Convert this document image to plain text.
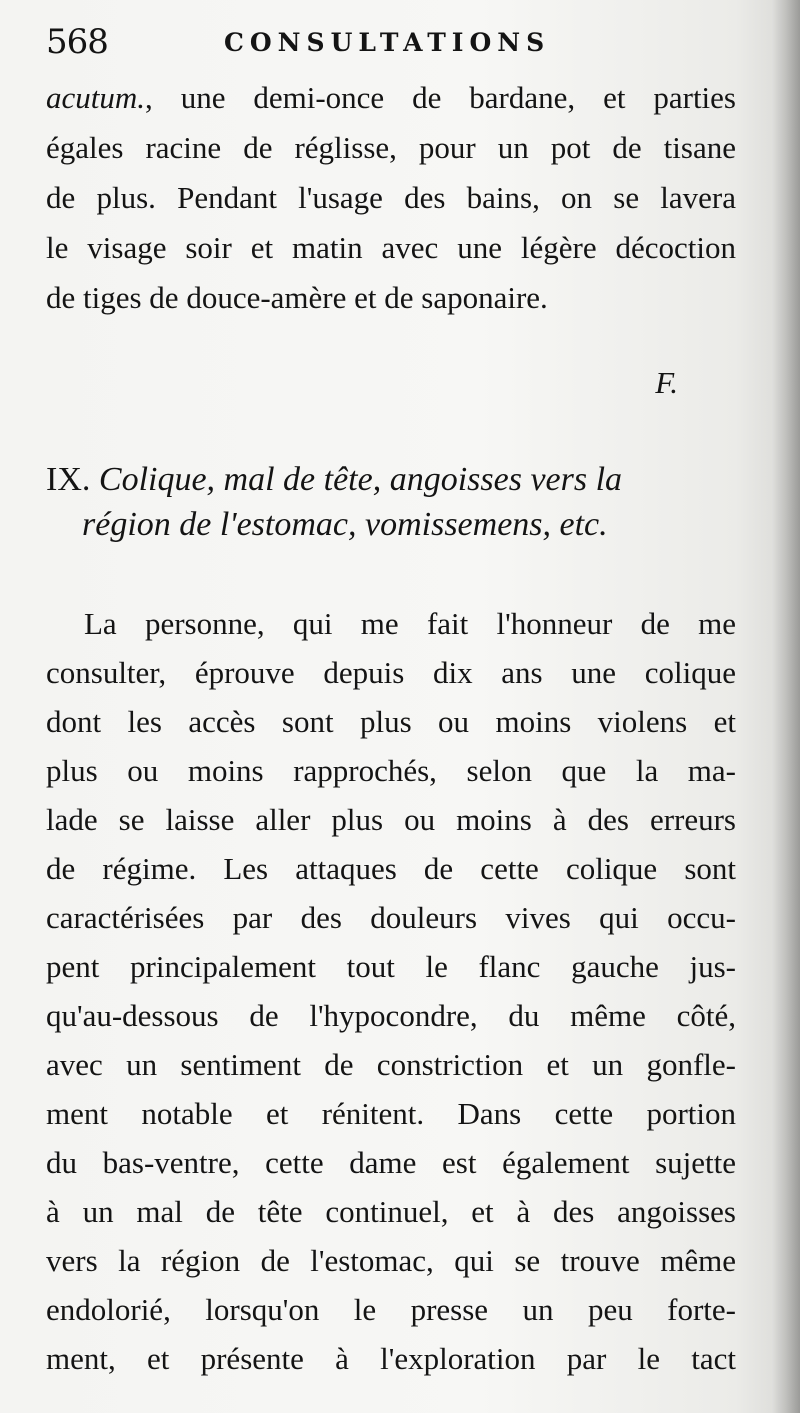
568	CONSULTATIONS
acutum., une demi-once de bardane, et parties
égales racine de réglisse, pour un pot de tisane
de plus. Pendant l'usage des bains, on se lavera
le visage soir et matin avec une légère décoction
de tiges de douce-amère et de saponaire.
F.
IX. Colique, mal de tête, angoisses vers la
région de l'estomac, vomissemens, etc.
La personne, qui me fait l'honneur de me
consulter, éprouve depuis dix ans une colique
dont les accès sont plus ou moins violens et
plus ou moins rapprochés, selon que la ma-
lade se laisse aller plus ou moins à des erreurs
de régime. Les attaques de cette colique sont
caractérisées par des douleurs vives qui occu-
pent principalement tout le flanc gauche jus-
qu'au-dessous de l'hypocondre, du même côté,
avec un sentiment de constriction et un gonfle-
ment notable et rénitent. Dans cette portion
du bas-ventre, cette dame est également sujette
à un mal de tête continuel, et à des angoisses
vers la région de l'estomac, qui se trouve même
endolorié, lorsqu'on le presse un peu forte-
ment, et présente à l'exploration par le tact
